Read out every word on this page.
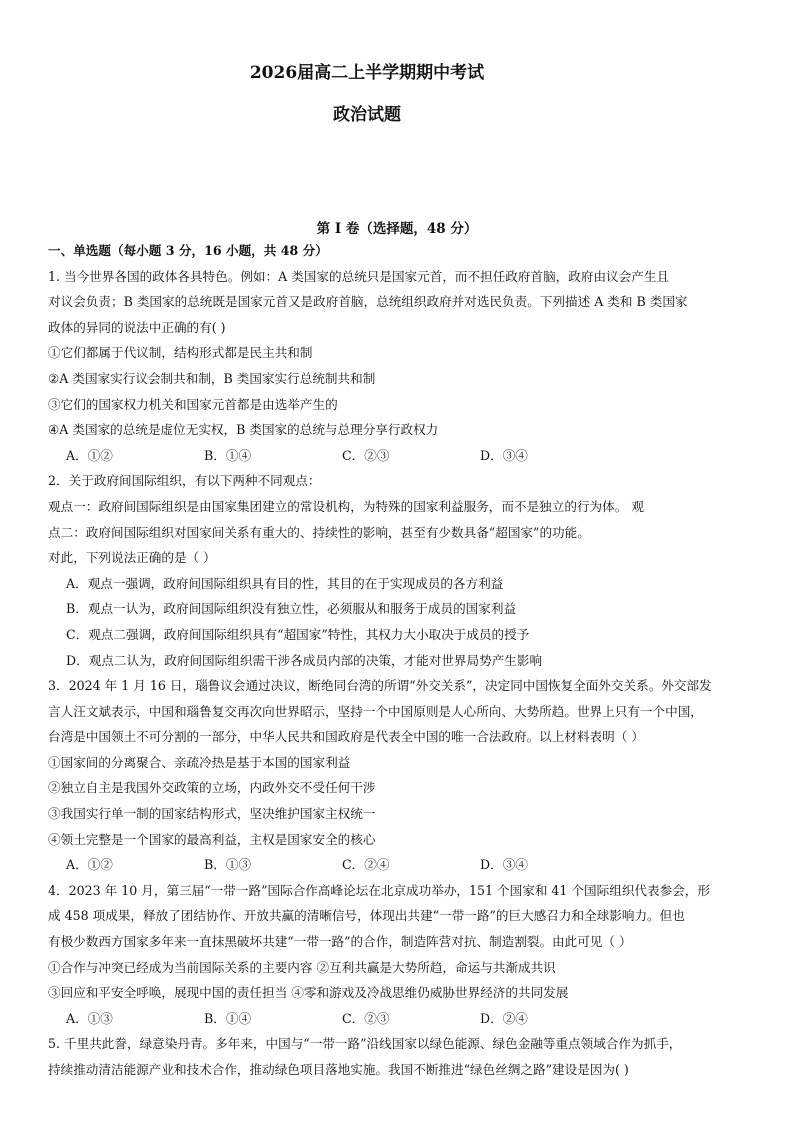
2026届高二上半学期期中考试
政治试题
第 I 卷（选择题，48 分）
一、单选题（每小题 3 分，16 小题，共 48 分）
1. 当今世界各国的政体各具特色。例如：A 类国家的总统只是国家元首，而不担任政府首脑，政府由议会产生且
对议会负责；B 类国家的总统既是国家元首又是政府首脑，总统组织政府并对选民负责。下列描述 A 类和 B 类国家
政体的异同的说法中正确的有( )
①它们都属于代议制，结构形式都是民主共和制
②A 类国家实行议会制共和制，B 类国家实行总统制共和制
③它们的国家权力机关和国家元首都是由选举产生的
④A 类国家的总统是虚位无实权，B 类国家的总统与总理分享行政权力
A．①②	B．①④	C．②③	D．③④
2．关于政府间国际组织，有以下两种不同观点：
观点一：政府间国际组织是由国家集团建立的常设机构，为特殊的国家利益服务，而不是独立的行为体。 观
点二：政府间国际组织对国家间关系有重大的、持续性的影响，甚至有少数具备“超国家”的功能。
对此，下列说法正确的是（ ）
A．观点一强调，政府间国际组织具有目的性，其目的在于实现成员的各方利益
B．观点一认为，政府间国际组织没有独立性，必须服从和服务于成员的国家利益
C．观点二强调，政府间国际组织具有“超国家”特性，其权力大小取决于成员的授予
D．观点二认为，政府间国际组织需干涉各成员内部的决策，才能对世界局势产生影响
3．2024 年 1 月 16 日，瑙鲁议会通过决议，断绝同台湾的所谓“外交关系”，决定同中国恢复全面外交关系。外交部发
言人汪文斌表示，中国和瑙鲁复交再次向世界昭示，坚持一个中国原则是人心所向、大势所趋。世界上只有一个中国，
台湾是中国领土不可分割的一部分，中华人民共和国政府是代表全中国的唯一合法政府。以上材料表明（ ）
①国家间的分离聚合、亲疏冷热是基于本国的国家利益
②独立自主是我国外交政策的立场，内政外交不受任何干涉
③我国实行单一制的国家结构形式，坚决维护国家主权统一
④领土完整是一个国家的最高利益，主权是国家安全的核心
A．①②	B．①③	C．②④	D．③④
4．2023 年 10 月，第三届“一带一路”国际合作高峰论坛在北京成功举办，151 个国家和 41 个国际组织代表参会，形
成 458 项成果，释放了团结协作、开放共赢的清晰信号，体现出共建“一带一路”的巨大感召力和全球影响力。但也
有极少数西方国家多年来一直抹黑破坏共建“一带一路”的合作，制造阵营对抗、制造割裂。由此可见（ ）
①合作与冲突已经成为当前国际关系的主要内容 ②互利共赢是大势所趋，命运与共渐成共识
③回应和平安全呼唤，展现中国的责任担当 ④零和游戏及冷战思维仍威胁世界经济的共同发展
A．①③	B．①④	C．②③	D．②④
5. 千里共此誊，绿意染丹青。多年来，中国与“一带一路”沿线国家以绿色能源、绿色金融等重点领域合作为抓手，
持续推动清洁能源产业和技术合作，推动绿色项目落地实施。我国不断推进“绿色丝绸之路”建设是因为( )
